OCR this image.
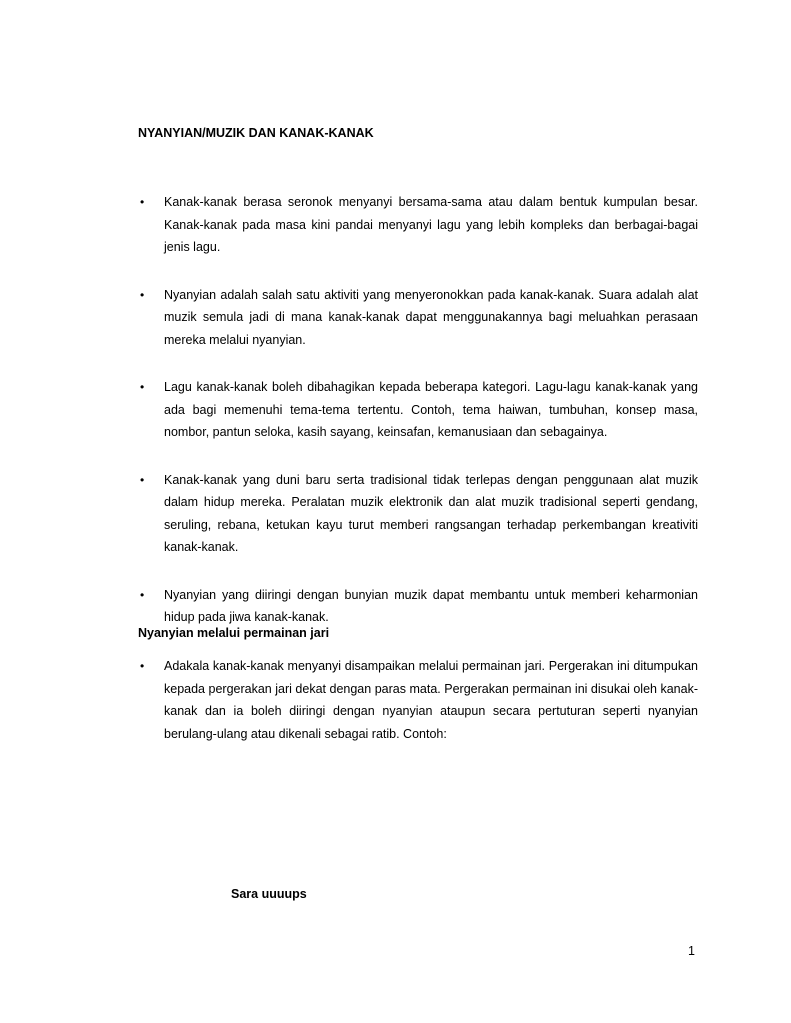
NYANYIAN/MUZIK DAN KANAK-KANAK
• Kanak-kanak berasa seronok menyanyi bersama-sama atau dalam bentuk kumpulan besar. Kanak-kanak pada masa kini pandai menyanyi lagu yang lebih kompleks dan berbagai-bagai jenis lagu.
• Nyanyian adalah salah satu aktiviti yang menyeronokkan pada kanak-kanak. Suara adalah alat muzik semula jadi di mana kanak-kanak dapat menggunakannya bagi meluahkan perasaan mereka melalui nyanyian.
• Lagu kanak-kanak boleh dibahagikan kepada beberapa kategori. Lagu-lagu kanak-kanak yang ada bagi memenuhi tema-tema tertentu. Contoh, tema haiwan, tumbuhan, konsep masa, nombor, pantun seloka, kasih sayang, keinsafan, kemanusiaan dan sebagainya.
• Kanak-kanak yang duni baru serta tradisional tidak terlepas dengan penggunaan alat muzik dalam hidup mereka. Peralatan muzik elektronik dan alat muzik tradisional seperti gendang, seruling, rebana, ketukan kayu turut memberi rangsangan terhadap perkembangan kreativiti kanak-kanak.
• Nyanyian yang diiringi dengan bunyian muzik dapat membantu untuk memberi keharmonian hidup pada jiwa kanak-kanak.
Nyanyian melalui permainan jari
• Adakala kanak-kanak menyanyi disampaikan melalui permainan jari. Pergerakan ini ditumpukan kepada pergerakan jari dekat dengan paras mata. Pergerakan permainan ini disukai oleh kanak-kanak dan ia boleh diiringi dengan nyanyian ataupun secara pertuturan seperti nyanyian berulang-ulang atau dikenali sebagai ratib. Contoh:
Sara uuuups
1
